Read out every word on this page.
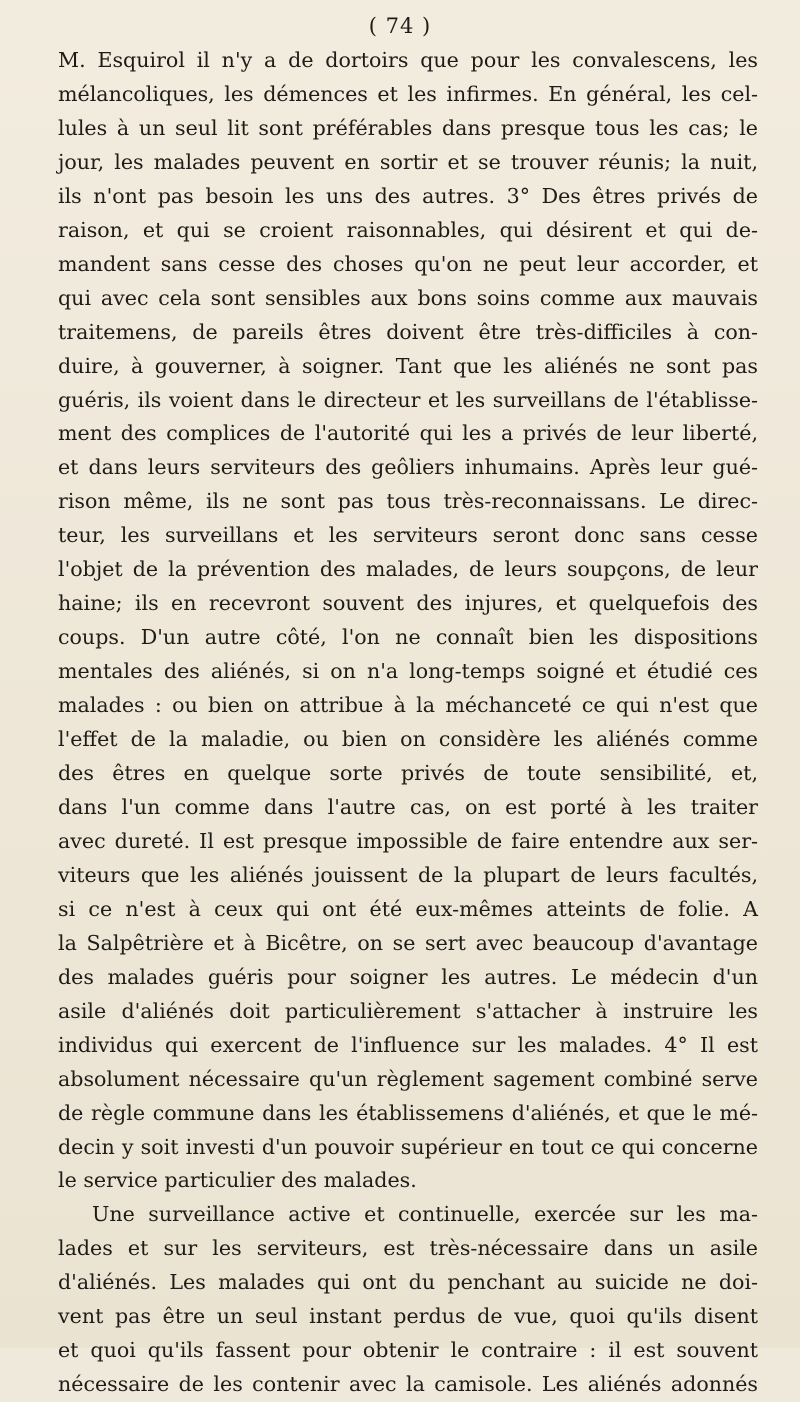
( 74 )
M. Esquirol il n'y a de dortoirs que pour les convalescens, les
mélancoliques, les démences et les infirmes. En général, les cel-
lules à un seul lit sont préférables dans presque tous les cas; le
jour, les malades peuvent en sortir et se trouver réunis; la nuit,
ils n'ont pas besoin les uns des autres. 3° Des êtres privés de
raison, et qui se croient raisonnables, qui désirent et qui de-
mandent sans cesse des choses qu'on ne peut leur accorder, et
qui avec cela sont sensibles aux bons soins comme aux mauvais
traitemens, de pareils êtres doivent être très-difficiles à con-
duire, à gouverner, à soigner. Tant que les aliénés ne sont pas
guéris, ils voient dans le directeur et les surveillans de l'établisse-
ment des complices de l'autorité qui les a privés de leur liberté,
et dans leurs serviteurs des geôliers inhumains. Après leur gué-
rison même, ils ne sont pas tous très-reconnaissans. Le direc-
teur, les surveillans et les serviteurs seront donc sans cesse
l'objet de la prévention des malades, de leurs soupçons, de leur
haine; ils en recevront souvent des injures, et quelquefois des
coups. D'un autre côté, l'on ne connaît bien les dispositions
mentales des aliénés, si on n'a long-temps soigné et étudié ces
malades : ou bien on attribue à la méchanceté ce qui n'est que
l'effet de la maladie, ou bien on considère les aliénés comme
des êtres en quelque sorte privés de toute sensibilité, et,
dans l'un comme dans l'autre cas, on est porté à les traiter
avec dureté. Il est presque impossible de faire entendre aux ser-
viteurs que les aliénés jouissent de la plupart de leurs facultés,
si ce n'est à ceux qui ont été eux-mêmes atteints de folie. A
la Salpêtrière et à Bicêtre, on se sert avec beaucoup d'avantage
des malades guéris pour soigner les autres. Le médecin d'un
asile d'aliénés doit particulièrement s'attacher à instruire les
individus qui exercent de l'influence sur les malades. 4° Il est
absolument nécessaire qu'un règlement sagement combiné serve
de règle commune dans les établissemens d'aliénés, et que le mé-
decin y soit investi d'un pouvoir supérieur en tout ce qui concerne
le service particulier des malades.
Une surveillance active et continuelle, exercée sur les ma-
lades et sur les serviteurs, est très-nécessaire dans un asile
d'aliénés. Les malades qui ont du penchant au suicide ne doi-
vent pas être un seul instant perdus de vue, quoi qu'ils disent
et quoi qu'ils fassent pour obtenir le contraire : il est souvent
nécessaire de les contenir avec la camisole. Les aliénés adonnés
